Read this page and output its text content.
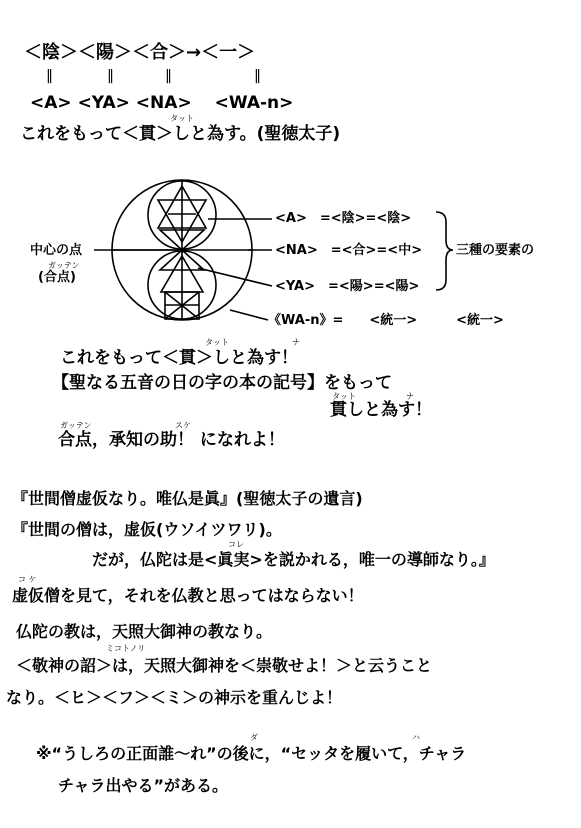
＜陰＞＜陽＞＜合＞→＜一＞
‖	‖	‖	‖
<A> <YA> <NA>　 <WA-n>
タット
これをもって＜貫＞しと為す。(聖徳太子)
中心の点
ガッテン
(合点)
<A>　=<陰>=<陰>
<NA>　=<合>=<中>
<YA>　=<陽>=<陽>
《WA-n》=　　<統一>　　　<統一>
三種の要素の
タット	ナ
これをもって＜貫＞しと為す！
【聖なる五音の日の字の本の記号】をもって
タット	ナ
貫しと為す！
ガッテン	スケ
合点，承知の助！ になれよ！
『世間僧虚仮なり。唯仏是眞』(聖徳太子の遺言)
『世間の僧は，虚仮(ウソイツワリ)。
コレ
だが，仏陀は是<眞実>を説かれる，唯一の導師なり。』
コ ケ
虚仮僧を見て，それを仏教と思ってはならない！
仏陀の教は，天照大御神の教なり。
ミコトノリ
＜敬神の詔＞は，天照大御神を＜崇敬せよ！＞と云うこと
なり。＜ヒ＞＜フ＞＜ミ＞の神示を重んじよ！
ダ	ハ
※“うしろの正面誰〜れ”の後に，“セッタを履いて，チャラ
チャラ出やる”がある。
